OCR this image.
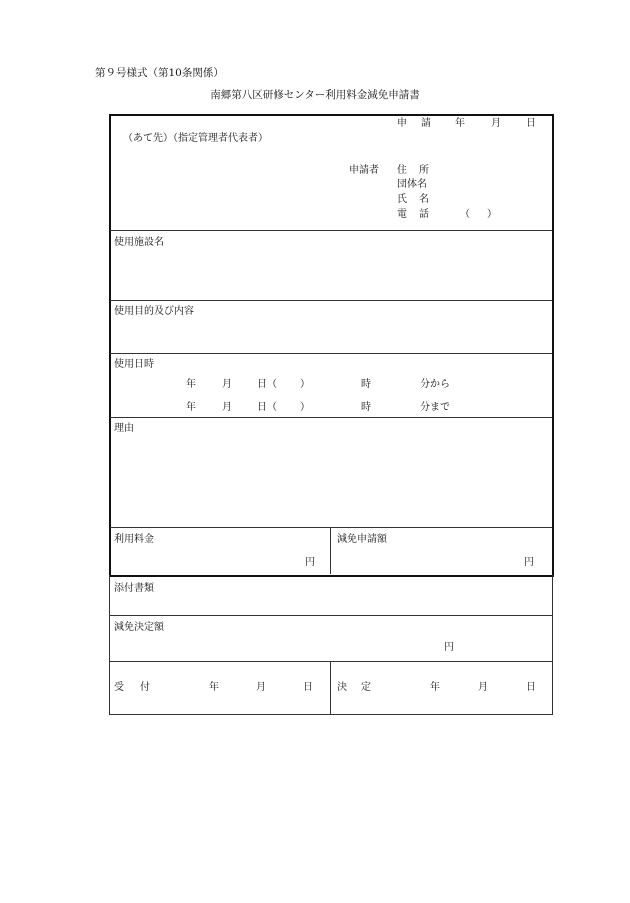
第９号様式（第10条関係）
南郷第八区研修センター利用料金減免申請書
申 請 年	月	日
（あて先）（指定管理者代表者）
申請者 住 所
団体名
氏 名
電 話	（ ）
使用施設名
使用目的及び内容
使用日時
年	月	日（ ）	時	分から
年	月	日（ ）	時	分まで
理由
利用料金
円
減免申請額
円
添付書類
減免決定額
円
受 付	年	月	日 決 定	年	月	日
